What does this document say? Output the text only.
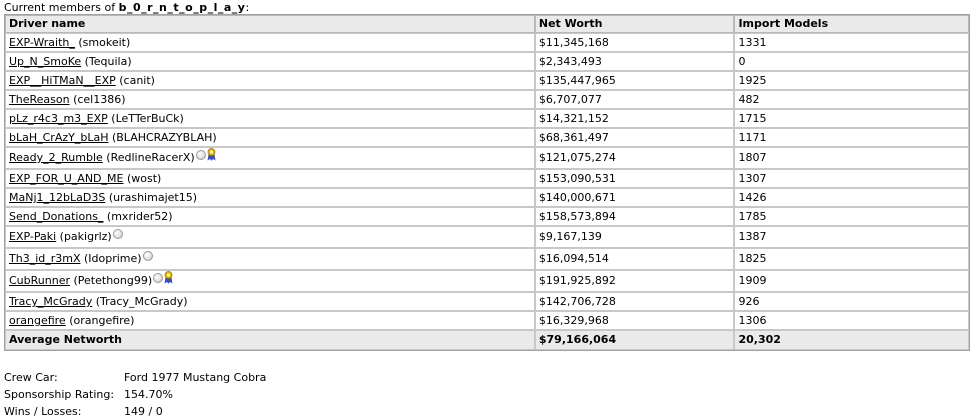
Current members of b_0_r_n_t_o_p_l_a_y:
Driver name	Net Worth	Import Models
EXP-Wraith_ (smokeit)	$11,345,168	1331
Up_N_SmoKe (Tequila)	$2,343,493	0
EXP__HiTMaN__EXP (canit)	$135,447,965	1925
TheReason (cel1386)	$6,707,077	482
pLz_r4c3_m3_EXP (LeTTerBuCk)	$14,321,152	1715
bLaH_CrAzY_bLaH (BLAHCRAZYBLAH)	$68,361,497	1171
Ready_2_Rumble (RedlineRacerX)	$121,075,274	1807
EXP_FOR_U_AND_ME (wost)	$153,090,531	1307
MaNj1_12bLaD3S (urashimajet15)	$140,000,671	1426
Send_Donations_ (mxrider52)	$158,573,894	1785
EXP-Paki (pakigrlz)	$9,167,139	1387
Th3_id_r3mX (Idoprime)	$16,094,514	1825
CubRunner (Petethong99)	$191,925,892	1909
Tracy_McGrady (Tracy_McGrady)	$142,706,728	926
orangefire (orangefire)	$16,329,968	1306
Average Networth	$79,166,064	20,302
Crew Car:	Ford 1977 Mustang Cobra
Sponsorship Rating: 154.70%
Wins / Losses:	149 / 0
